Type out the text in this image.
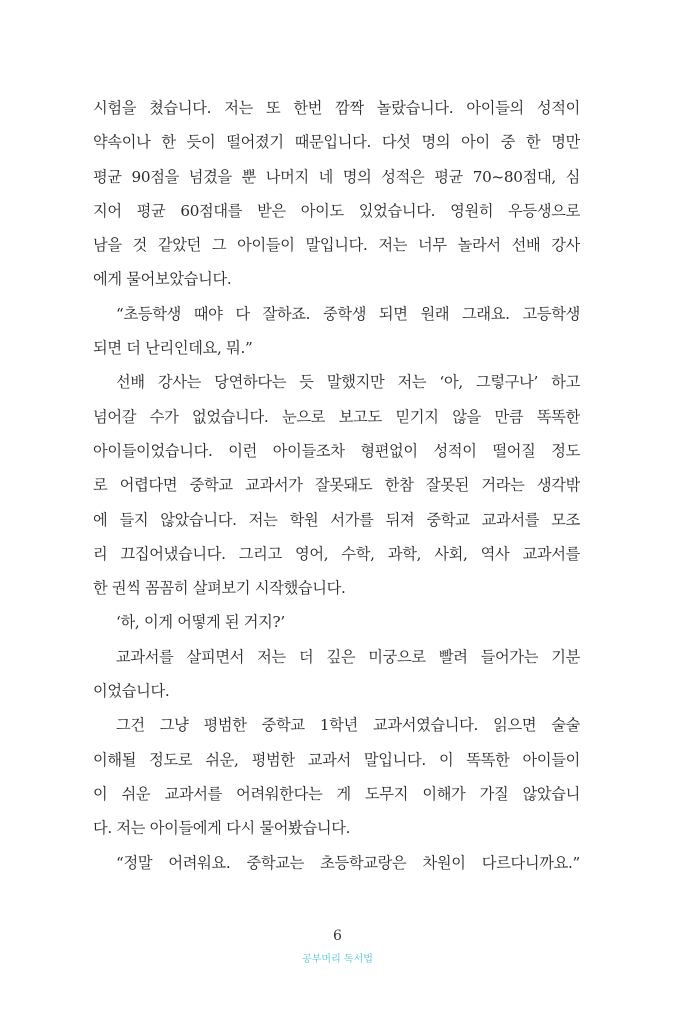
시험을 쳤습니다. 저는 또 한번 깜짝 놀랐습니다. 아이들의 성적이
약속이나 한 듯이 떨어졌기 때문입니다. 다섯 명의 아이 중 한 명만
평균 90점을 넘겼을 뿐 나머지 네 명의 성적은 평균 70~80점대, 심
지어 평균 60점대를 받은 아이도 있었습니다. 영원히 우등생으로
남을 것 같았던 그 아이들이 말입니다. 저는 너무 놀라서 선배 강사
에게 물어보았습니다.
“초등학생 때야 다 잘하죠. 중학생 되면 원래 그래요. 고등학생
되면 더 난리인데요, 뭐.”
선배 강사는 당연하다는 듯 말했지만 저는 ‘아, 그렇구나’ 하고
넘어갈 수가 없었습니다. 눈으로 보고도 믿기지 않을 만큼 똑똑한
아이들이었습니다. 이런 아이들조차 형편없이 성적이 떨어질 정도
로 어렵다면 중학교 교과서가 잘못돼도 한참 잘못된 거라는 생각밖
에 들지 않았습니다. 저는 학원 서가를 뒤져 중학교 교과서를 모조
리 끄집어냈습니다. 그리고 영어, 수학, 과학, 사회, 역사 교과서를
한 권씩 꼼꼼히 살펴보기 시작했습니다.
‘하, 이게 어떻게 된 거지?’
교과서를 살피면서 저는 더 깊은 미궁으로 빨려 들어가는 기분
이었습니다.
그건 그냥 평범한 중학교 1학년 교과서였습니다. 읽으면 술술
이해될 정도로 쉬운, 평범한 교과서 말입니다. 이 똑똑한 아이들이
이 쉬운 교과서를 어려워한다는 게 도무지 이해가 가질 않았습니
다. 저는 아이들에게 다시 물어봤습니다.
“정말 어려워요. 중학교는 초등학교랑은 차원이 다르다니까요.”
6
공부머리 독서법
